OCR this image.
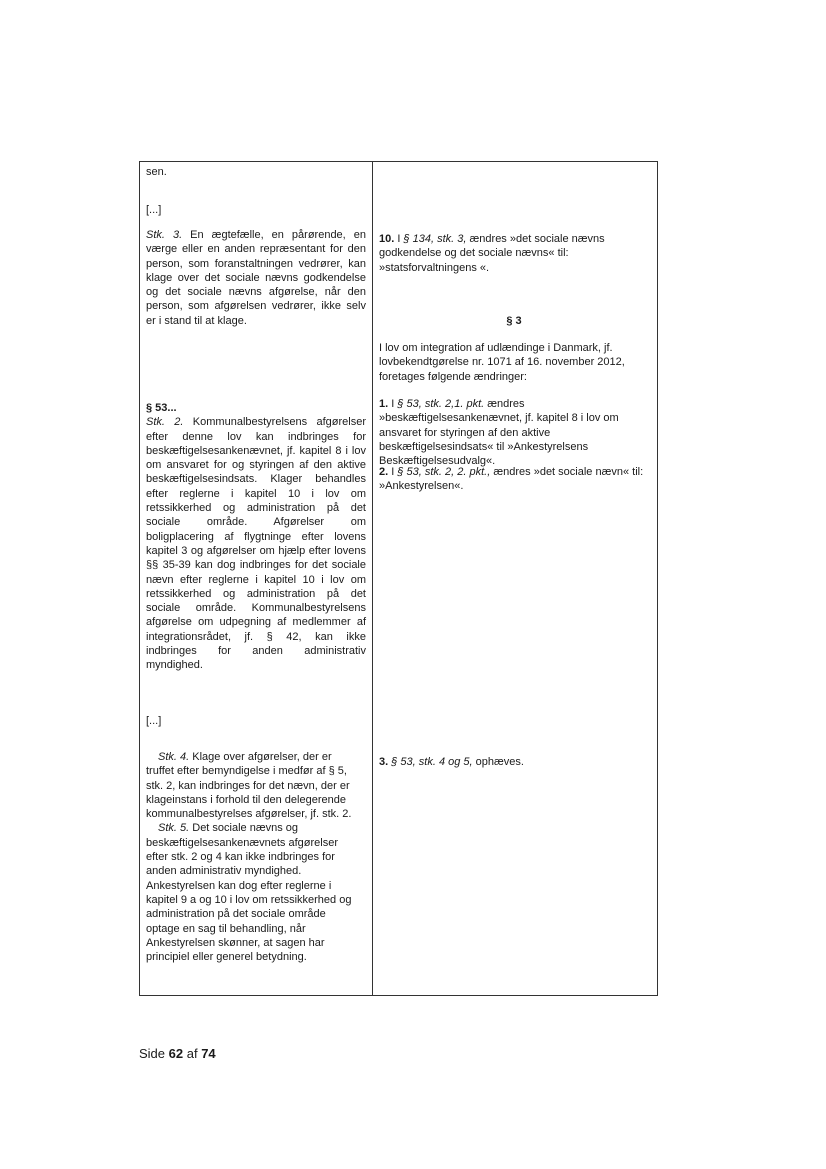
sen.

[...]

Stk. 3. En ægtefælle, en pårørende, en værge eller en anden repræsentant for den person, som foranstaltningen vedrører, kan klage over det sociale nævns godkendelse og det sociale nævns afgørelse, når den person, som afgørelsen vedrører, ikke selv er i stand til at klage.

§ 53...

Stk. 2. Kommunalbestyrelsens afgørelser efter denne lov kan indbringes for beskæftigelsesankenævnet, jf. kapitel 8 i lov om ansvaret for og styringen af den aktive beskæftigelsesindsats. Klager behandles efter reglerne i kapitel 10 i lov om retssikkerhed og administration på det sociale område. Afgørelser om boligplacering af flygtninge efter lovens kapitel 3 og afgørelser om hjælp efter lovens §§ 35-39 kan dog indbringes for det sociale nævn efter reglerne i kapitel 10 i lov om retssikkerhed og administration på det sociale område. Kommunalbestyrelsens afgørelse om udpegning af medlemmer af integrationsrådet, jf. § 42, kan ikke indbringes for anden administrativ myndighed.

[...]

Stk. 4. Klage over afgørelser, der er truffet efter bemyndigelse i medfør af § 5, stk. 2, kan indbringes for det nævn, der er klageinstans i forhold til den delegerende kommunalbestyrelses afgørelser, jf. stk. 2.

Stk. 5. Det sociale nævns og beskæftigelsesankenævnets afgørelser efter stk. 2 og 4 kan ikke indbringes for anden administrativ myndighed. Ankestyrelsen kan dog efter reglerne i kapitel 9 a og 10 i lov om retssikkerhed og administration på det sociale område optage en sag til behandling, når Ankestyrelsen skønner, at sagen har principiel eller generel betydning.

10. I § 134, stk. 3, ændres »det sociale nævns godkendelse og det sociale nævns« til: »statsforvaltningens «.

§ 3
I lov om integration af udlændinge i Danmark, jf. lovbekendtgørelse nr. 1071 af 16. november 2012, foretages følgende ændringer:

1. I § 53, stk. 2,1. pkt. ændres »beskæftigelsesankenævnet, jf. kapitel 8 i lov om ansvaret for styringen af den aktive beskæftigelsesindsats« til »Ankestyrelsens Beskæftigelsesudvalg«.

2. I § 53, stk. 2, 2. pkt., ændres »det sociale nævn« til: »Ankestyrelsen«.

3. § 53, stk. 4 og 5, ophæves.

Side 62 af 74
